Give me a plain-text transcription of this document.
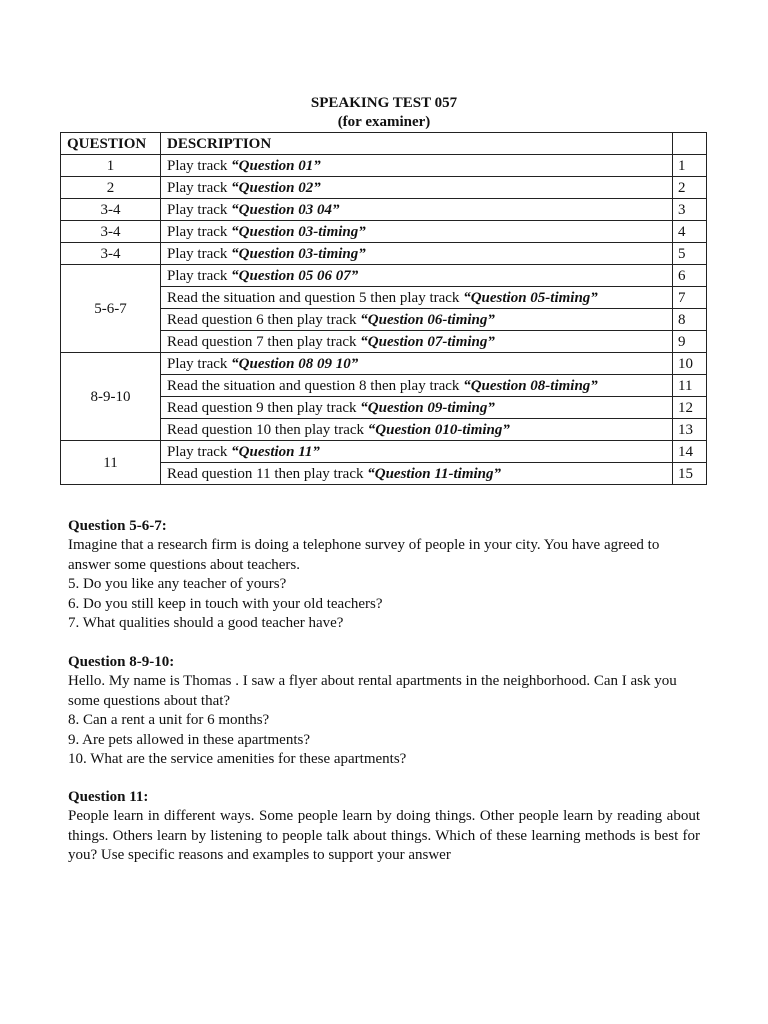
SPEAKING TEST 057
(for examiner)
QUESTION	DESCRIPTION	
1	Play track “Question 01”	1
2	Play track “Question 02”	2
3-4	Play track “Question 03 04”	3
3-4	Play track “Question 03-timing”	4
3-4	Play track “Question 03-timing”	5
5-6-7	Play track “Question 05 06 07”	6
	Read the situation and question 5 then play track “Question 05-timing”	7
	Read question 6 then play track “Question 06-timing”	8
	Read question 7 then play track “Question 07-timing”	9
8-9-10	Play track “Question 08 09 10”	10
	Read the situation and question 8 then play track “Question 08-timing”	11
	Read question 9 then play track “Question 09-timing”	12
	Read question 10 then play track “Question 010-timing”	13
11	Play track “Question 11”	14
	Read question 11 then play track “Question 11-timing”	15

Question 5-6-7:

Imagine that a research firm is doing a telephone survey of people in your city. You have agreed to answer some questions about teachers.

5. Do you like any teacher of yours?

6. Do you still keep in touch with your old teachers?

7. What qualities should a good teacher have?

Question 8-9-10:

Hello. My name is Thomas . I saw a flyer about rental apartments in the neighborhood. Can I ask you some questions about that?

8. Can a rent a unit for 6 months?

9. Are pets allowed in these apartments?

10. What are the service amenities for these apartments?

Question 11:

People learn in different ways. Some people learn by doing things. Other people learn by reading about things. Others learn by listening to people talk about things. Which of these learning methods is best for you? Use specific reasons and examples to support your answer
